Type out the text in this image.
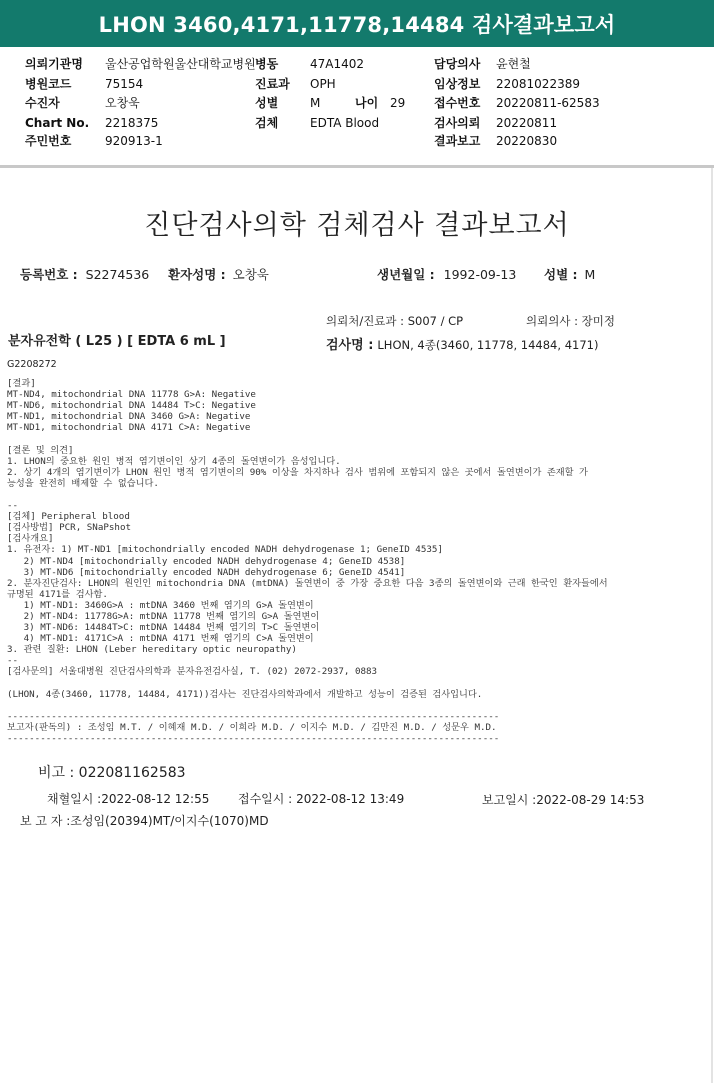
LHON 3460,4171,11778,14484 검사결과보고서
의뢰기관명 울산공업학원울산대학교병원 병동	47A1402	담당의사 윤현철
병원코드	75154	진료과 OPH	임상정보 22081022389
수진자	오창욱	성별	M	나이 29 접수번호 20220811-62583
Chart No. 2218375	검체	EDTA Blood	검사의뢰 20220811
주민번호	920913-1	결과보고 20220830
진단검사의학 검체검사 결과보고서
등록번호 : S2274536 환자성명 : 오창욱	생년월일 : 1992-09-13 성별 : M
의뢰처/진료과 : S007 / CP	의뢰의사 : 장미정
분자유전학 ( L25 ) [ EDTA 6 mL ]	검사명 : LHON, 4종(3460, 11778, 14484, 4171)
G2208272
[결과]
MT-ND4, mitochondrial DNA 11778 G>A: Negative
MT-ND6, mitochondrial DNA 14484 T>C: Negative
MT-ND1, mitochondrial DNA 3460 G>A: Negative
MT-ND1, mitochondrial DNA 4171 C>A: Negative

[결론 및 의견]
1. LHON의 중요한 원인 병적 염기변이인 상기 4종의 돌연변이가 음성입니다.
2. 상기 4개의 염기변이가 LHON 원인 병적 염기변이의 90% 이상을 차지하나 검사 범위에 포함되지 않은 곳에서 돌연변이가 존재할 가
능성을 완전히 배제할 수 없습니다.

--
[검체] Peripheral blood
[검사방법] PCR, SNaPshot
[검사개요]
1. 유전자: 1) MT-ND1 [mitochondrially encoded NADH dehydrogenase 1; GeneID 4535]
2) MT-ND4 [mitochondrially encoded NADH dehydrogenase 4; GeneID 4538]
3) MT-ND6 [mitochondrially encoded NADH dehydrogenase 6; GeneID 4541]
2. 분자진단검사: LHON의 원인인 mitochondria DNA (mtDNA) 돌연변이 중 가장 중요한 다음 3종의 돌연변이와 근래 한국인 환자들에서
규명된 4171를 검사함.
1) MT-ND1: 3460G>A : mtDNA 3460 번째 염기의 G>A 돌연변이
2) MT-ND4: 11778G>A: mtDNA 11778 번째 염기의 G>A 돌연변이
3) MT-ND6: 14484T>C: mtDNA 14484 번째 염기의 T>C 돌연변이
4) MT-ND1: 4171C>A : mtDNA 4171 번째 염기의 C>A 돌연변이
3. 관련 질환: LHON (Leber hereditary optic neuropathy)
--
[검사문의] 서울대병원 진단검사의학과 분자유전검사실, T. (02) 2072-2937, 0883

(LHON, 4종(3460, 11778, 14484, 4171))검사는 진단검사의학과에서 개발하고 성능이 검증된 검사입니다.

-----------------------------------------------------------------------------------------
보고자(판독의) : 조성임 M.T. / 이혜재 M.D. / 이희라 M.D. / 이지수 M.D. / 김만진 M.D. / 성문우 M.D.
-----------------------------------------------------------------------------------------
비고 : 022081162583
채혈일시 :2022-08-12 12:55 접수일시 : 2022-08-12 13:49	보고일시 :2022-08-29 14:53
보 고 자 :조성임(20394)MT/이지수(1070)MD
